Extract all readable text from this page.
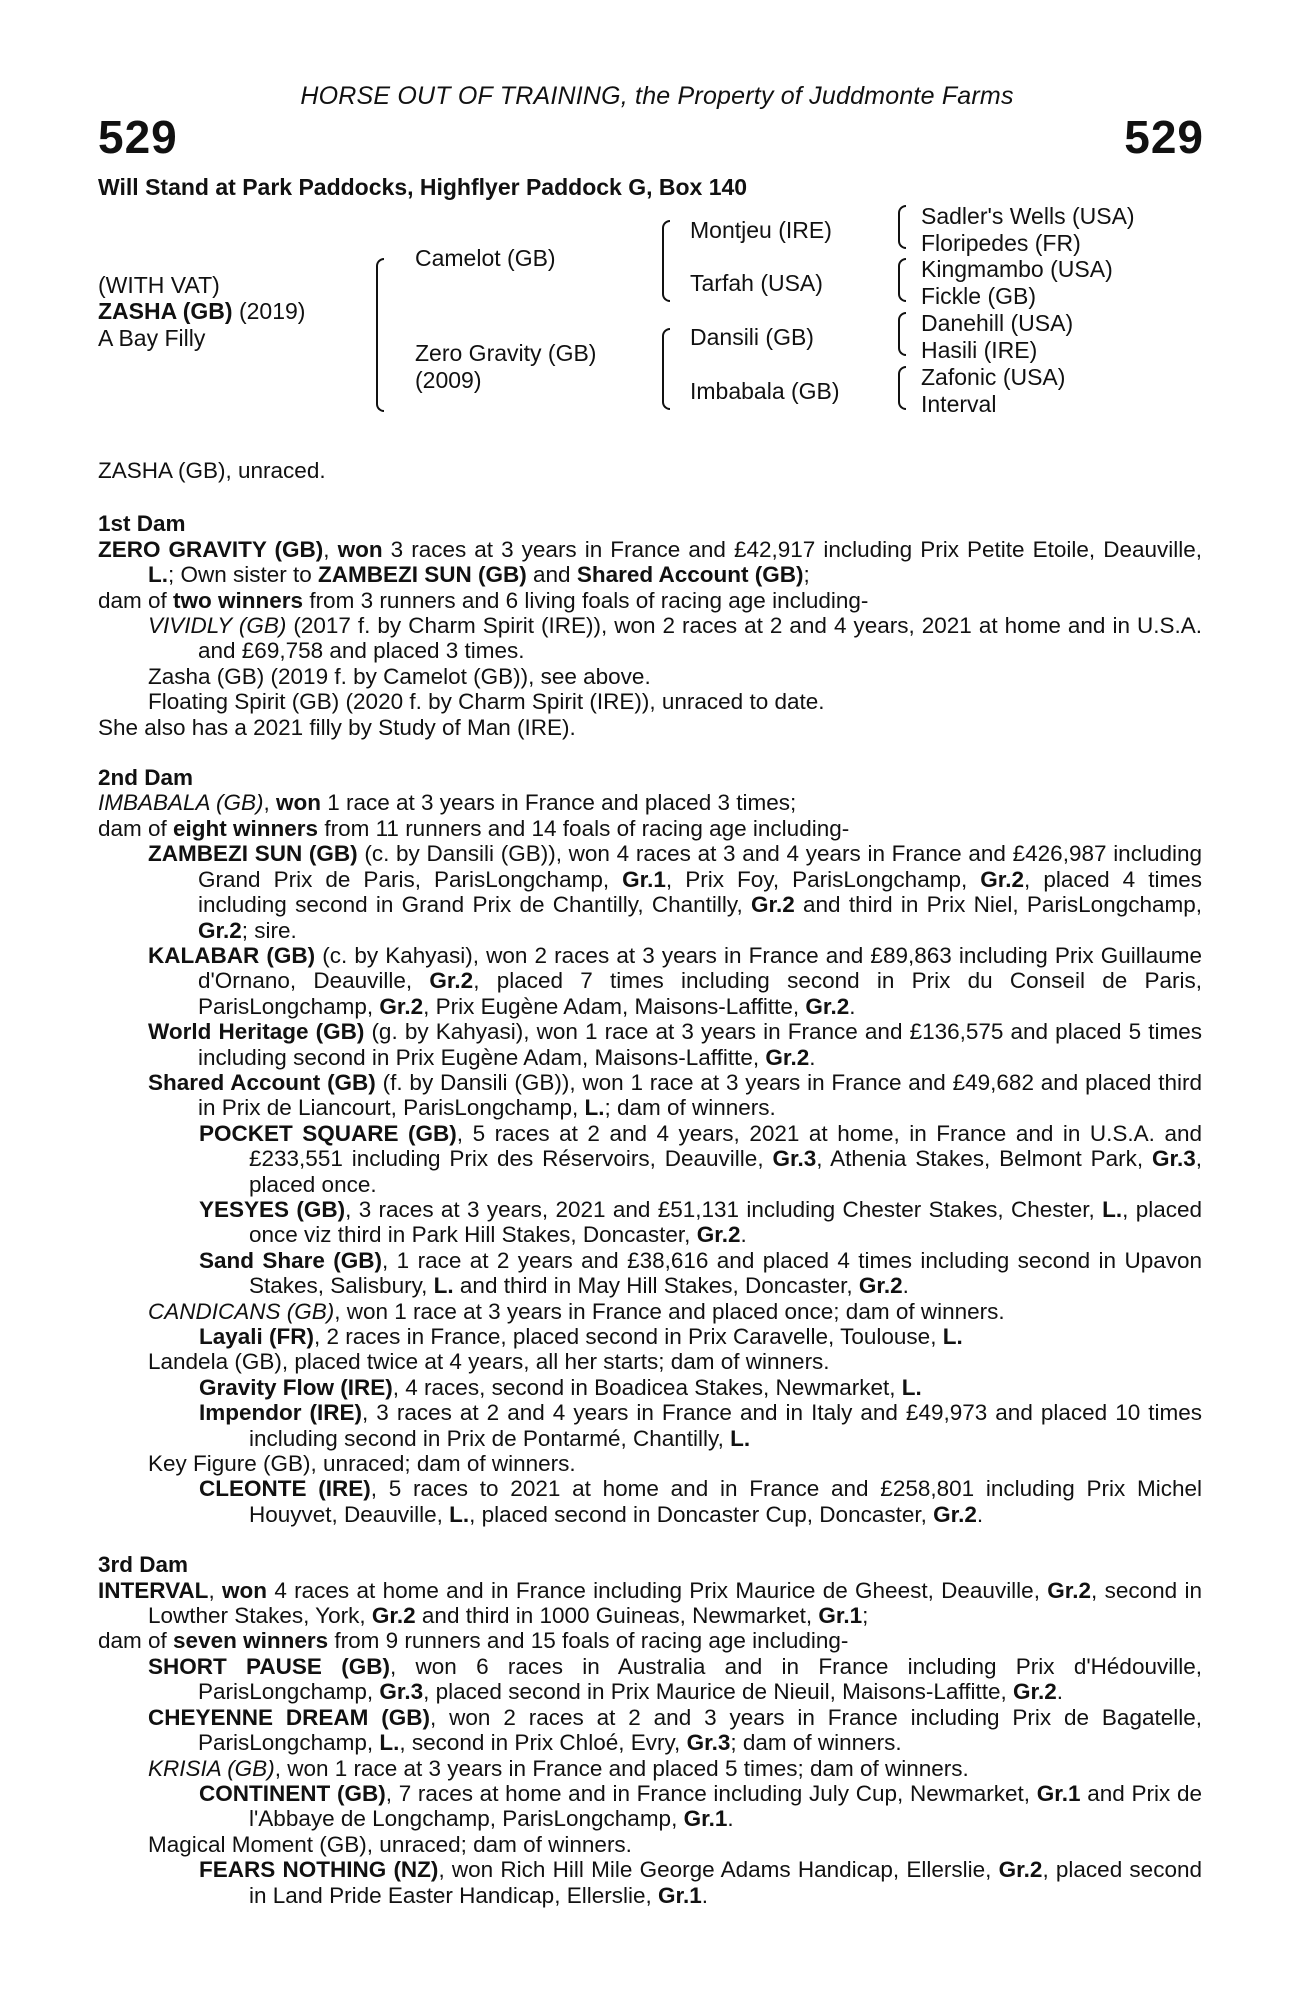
HORSE OUT OF TRAINING, the Property of Juddmonte Farms
529	529
Will Stand at Park Paddocks, Highflyer Paddock G, Box 140
(WITH VAT)
ZASHA (GB) (2019)
A Bay Filly
Camelot (GB)
Zero Gravity (GB)
(2009)
Montjeu (IRE)
Tarfah (USA)
Dansili (GB)
Imbabala (GB)
Sadler's Wells (USA)
Floripedes (FR)
Kingmambo (USA)
Fickle (GB)
Danehill (USA)
Hasili (IRE)
Zafonic (USA)
Interval

ZASHA (GB), unraced.

1st Dam

ZERO GRAVITY (GB), won 3 races at 3 years in France and £42,917 including Prix Petite Etoile, Deauville, L.; Own sister to ZAMBEZI SUN (GB) and Shared Account (GB);

dam of two winners from 3 runners and 6 living foals of racing age including-

VIVIDLY (GB) (2017 f. by Charm Spirit (IRE)), won 2 races at 2 and 4 years, 2021 at home and in U.S.A. and £69,758 and placed 3 times.

Zasha (GB) (2019 f. by Camelot (GB)), see above.

Floating Spirit (GB) (2020 f. by Charm Spirit (IRE)), unraced to date.

She also has a 2021 filly by Study of Man (IRE).

2nd Dam

IMBABALA (GB), won 1 race at 3 years in France and placed 3 times;

dam of eight winners from 11 runners and 14 foals of racing age including-

ZAMBEZI SUN (GB) (c. by Dansili (GB)), won 4 races at 3 and 4 years in France and £426,987 including Grand Prix de Paris, ParisLongchamp, Gr.1, Prix Foy, ParisLongchamp, Gr.2, placed 4 times including second in Grand Prix de Chantilly, Chantilly, Gr.2 and third in Prix Niel, ParisLongchamp, Gr.2; sire.

KALABAR (GB) (c. by Kahyasi), won 2 races at 3 years in France and £89,863 including Prix Guillaume d'Ornano, Deauville, Gr.2, placed 7 times including second in Prix du Conseil de Paris, ParisLongchamp, Gr.2, Prix Eugène Adam, Maisons-Laffitte, Gr.2.

World Heritage (GB) (g. by Kahyasi), won 1 race at 3 years in France and £136,575 and placed 5 times including second in Prix Eugène Adam, Maisons-Laffitte, Gr.2.

Shared Account (GB) (f. by Dansili (GB)), won 1 race at 3 years in France and £49,682 and placed third in Prix de Liancourt, ParisLongchamp, L.; dam of winners.

POCKET SQUARE (GB), 5 races at 2 and 4 years, 2021 at home, in France and in U.S.A. and £233,551 including Prix des Réservoirs, Deauville, Gr.3, Athenia Stakes, Belmont Park, Gr.3, placed once.

YESYES (GB), 3 races at 3 years, 2021 and £51,131 including Chester Stakes, Chester, L., placed once viz third in Park Hill Stakes, Doncaster, Gr.2.

Sand Share (GB), 1 race at 2 years and £38,616 and placed 4 times including second in Upavon Stakes, Salisbury, L. and third in May Hill Stakes, Doncaster, Gr.2.

CANDICANS (GB), won 1 race at 3 years in France and placed once; dam of winners.

Layali (FR), 2 races in France, placed second in Prix Caravelle, Toulouse, L.

Landela (GB), placed twice at 4 years, all her starts; dam of winners.

Gravity Flow (IRE), 4 races, second in Boadicea Stakes, Newmarket, L.

Impendor (IRE), 3 races at 2 and 4 years in France and in Italy and £49,973 and placed 10 times including second in Prix de Pontarmé, Chantilly, L.

Key Figure (GB), unraced; dam of winners.

CLEONTE (IRE), 5 races to 2021 at home and in France and £258,801 including Prix Michel Houyvet, Deauville, L., placed second in Doncaster Cup, Doncaster, Gr.2.

3rd Dam

INTERVAL, won 4 races at home and in France including Prix Maurice de Gheest, Deauville, Gr.2, second in Lowther Stakes, York, Gr.2 and third in 1000 Guineas, Newmarket, Gr.1;

dam of seven winners from 9 runners and 15 foals of racing age including-

SHORT PAUSE (GB), won 6 races in Australia and in France including Prix d'Hédouville, ParisLongchamp, Gr.3, placed second in Prix Maurice de Nieuil, Maisons-Laffitte, Gr.2.

CHEYENNE DREAM (GB), won 2 races at 2 and 3 years in France including Prix de Bagatelle, ParisLongchamp, L., second in Prix Chloé, Evry, Gr.3; dam of winners.

KRISIA (GB), won 1 race at 3 years in France and placed 5 times; dam of winners.

CONTINENT (GB), 7 races at home and in France including July Cup, Newmarket, Gr.1 and Prix de l'Abbaye de Longchamp, ParisLongchamp, Gr.1.

Magical Moment (GB), unraced; dam of winners.

FEARS NOTHING (NZ), won Rich Hill Mile George Adams Handicap, Ellerslie, Gr.2, placed second in Land Pride Easter Handicap, Ellerslie, Gr.1.
